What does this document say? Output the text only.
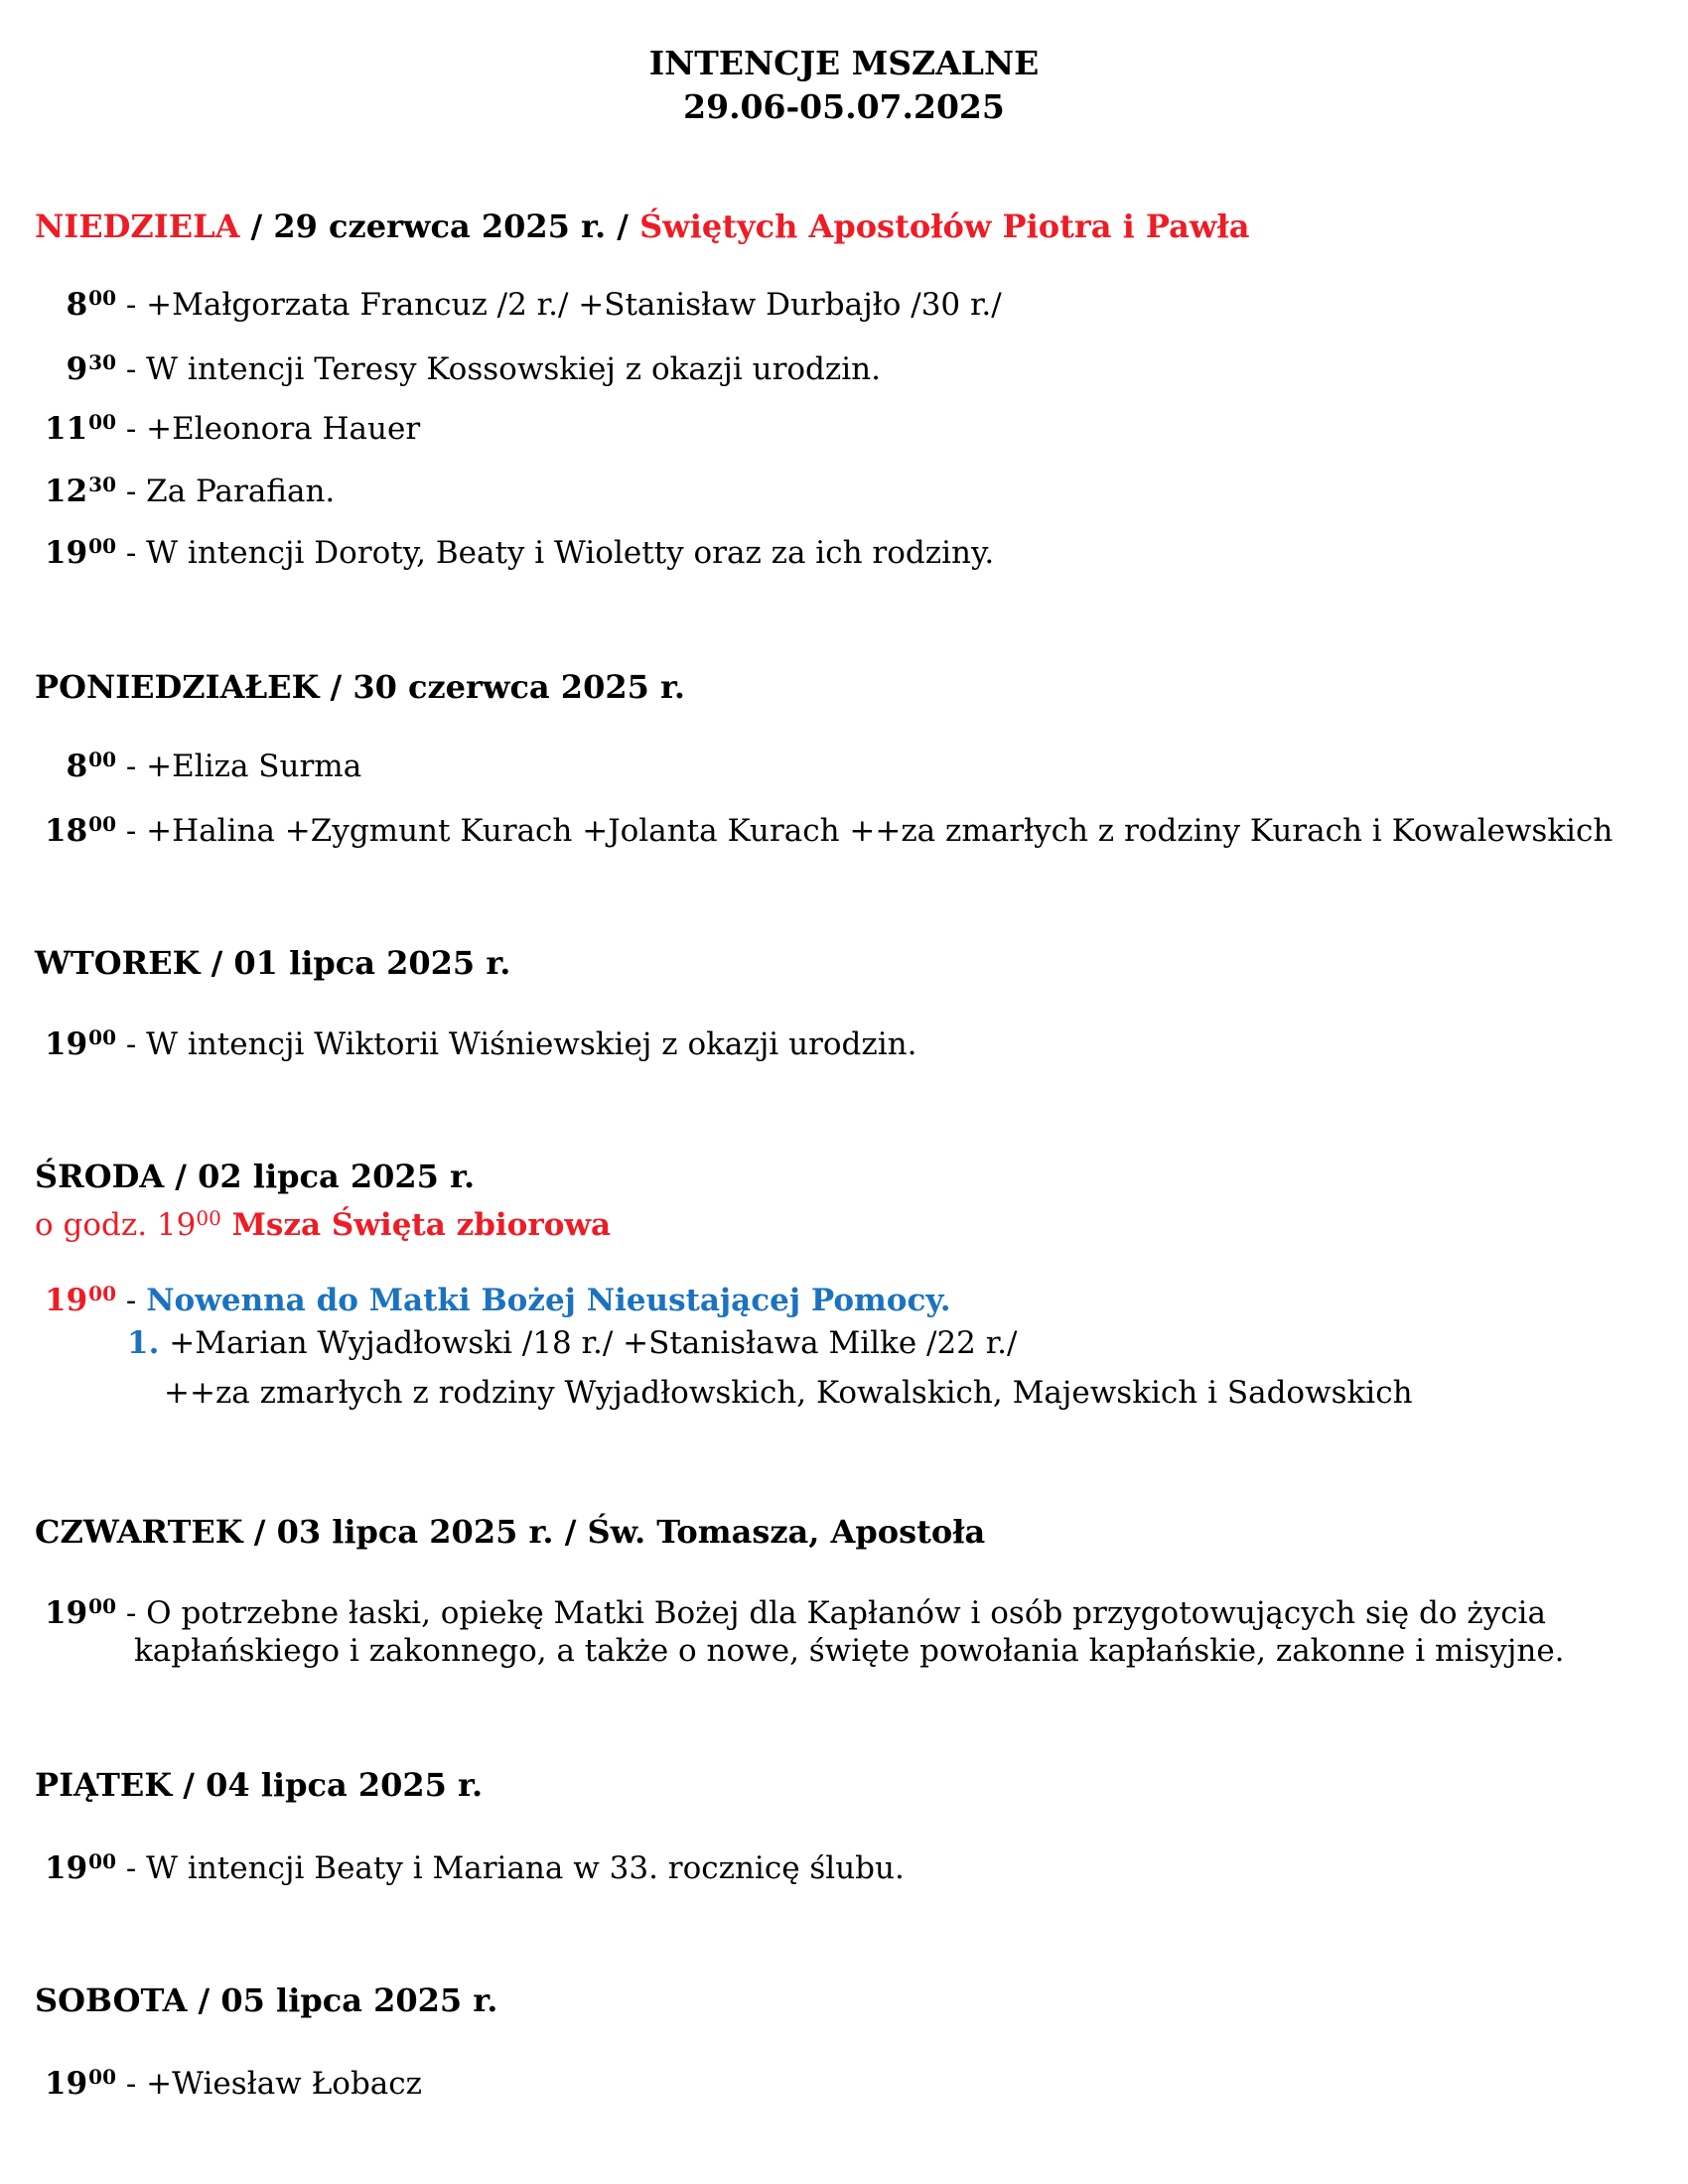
INTENCJE MSZALNE
29.06-05.07.2025
NIEDZIELA / 29 czerwca 2025 r. / Świętych Apostołów Piotra i Pawła
$8^{00}$ - +Małgorzata Francuz /2 r./ +Stanisław Durbajło /30 r./
$9^{30}$ - W intencji Teresy Kossowskiej z okazji urodzin.
$11^{00}$ - +Eleonora Hauer
$12^{30}$ - Za Parafian.
$19^{00}$ - W intencji Doroty, Beaty i Wioletty oraz za ich rodziny.
PONIEDZIAŁEK / 30 czerwca 2025 r.
$8^{00}$ - +Eliza Surma
$18^{00}$ - +Halina +Zygmunt Kurach +Jolanta Kurach ++za zmarłych z rodziny Kurach i Kowalewskich
WTOREK / 01 lipca 2025 r.
$19^{00}$ - W intencji Wiktorii Wiśniewskiej z okazji urodzin.
ŚRODA / 02 lipca 2025 r.
o godz. $19^{00}$ Msza Święta zbiorowa
$19^{00}$ - Nowenna do Matki Bożej Nieustającej Pomocy.
1. +Marian Wyjadłowski /18 r./ +Stanisława Milke /22 r./
++za zmarłych z rodziny Wyjadłowskich, Kowalskich, Majewskich i Sadowskich
CZWARTEK / 03 lipca 2025 r. / Św. Tomasza, Apostoła
$19^{00}$ - O potrzebne łaski, opiekę Matki Bożej dla Kapłanów i osób przygotowujących się do życia
kapłańskiego i zakonnego, a także o nowe, święte powołania kapłańskie, zakonne i misyjne.
PIĄTEK / 04 lipca 2025 r.
$19^{00}$ - W intencji Beaty i Mariana w 33. rocznicę ślubu.
SOBOTA / 05 lipca 2025 r.
$19^{00}$ - +Wiesław Łobacz
